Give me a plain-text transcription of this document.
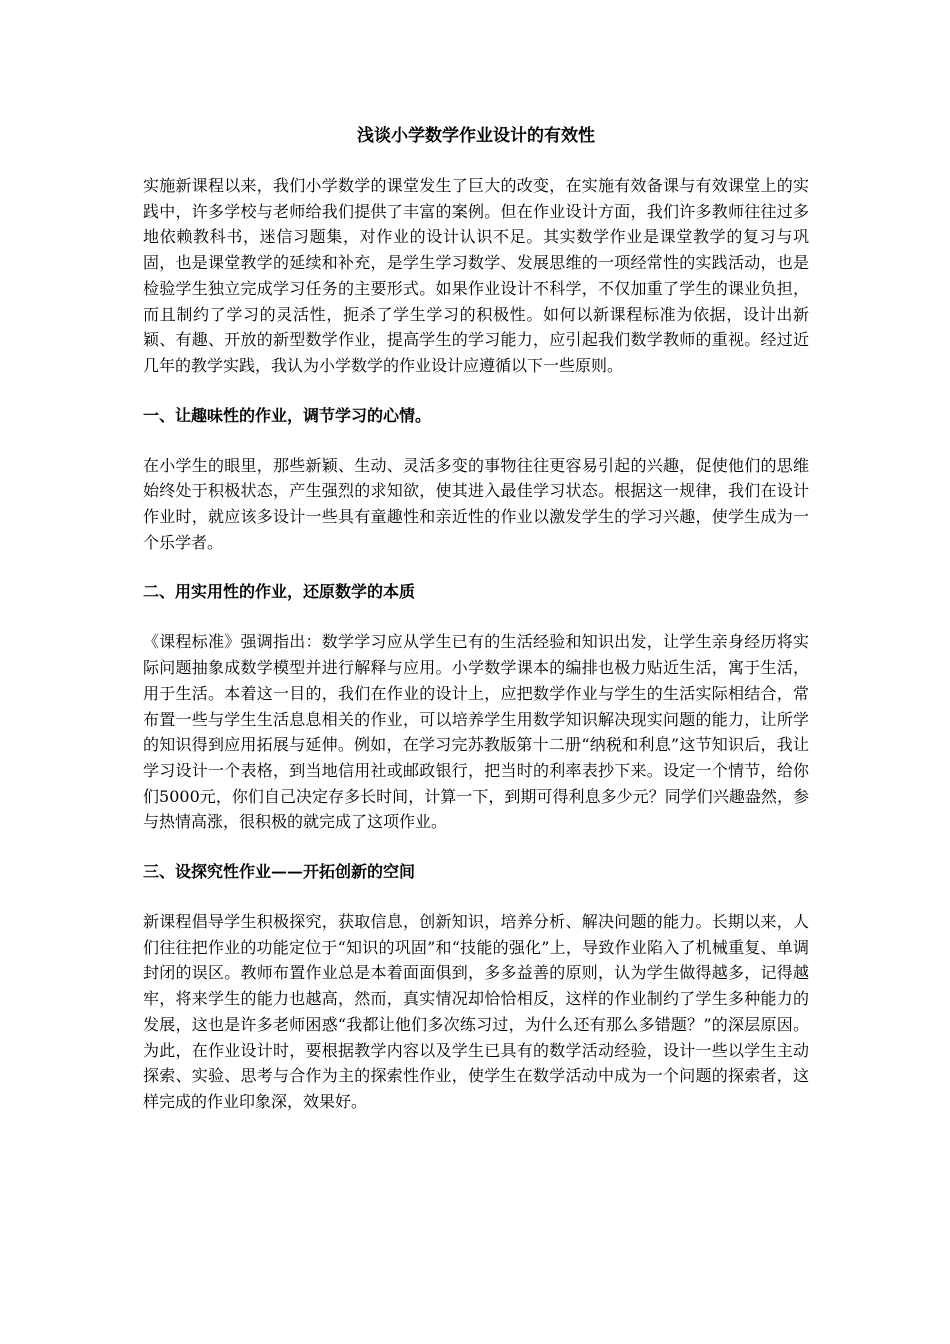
浅谈小学数学作业设计的有效性

实施新课程以来，我们小学数学的课堂发生了巨大的改变，在实施有效备课与有效课堂上的实践中，许多学校与老师给我们提供了丰富的案例。但在作业设计方面，我们许多教师往往过多地依赖教科书，迷信习题集，对作业的设计认识不足。其实数学作业是课堂教学的复习与巩固，也是课堂教学的延续和补充，是学生学习数学、发展思维的一项经常性的实践活动，也是检验学生独立完成学习任务的主要形式。如果作业设计不科学，不仅加重了学生的课业负担，而且制约了学习的灵活性，扼杀了学生学习的积极性。如何以新课程标准为依据，设计出新颖、有趣、开放的新型数学作业，提高学生的学习能力，应引起我们数学教师的重视。经过近几年的教学实践，我认为小学数学的作业设计应遵循以下一些原则。

一、让趣味性的作业，调节学习的心情。

在小学生的眼里，那些新颖、生动、灵活多变的事物往往更容易引起的兴趣，促使他们的思维始终处于积极状态，产生强烈的求知欲，使其进入最佳学习状态。根据这一规律，我们在设计作业时，就应该多设计一些具有童趣性和亲近性的作业以激发学生的学习兴趣，使学生成为一个乐学者。

二、用实用性的作业，还原数学的本质

《课程标准》强调指出：数学学习应从学生已有的生活经验和知识出发，让学生亲身经历将实际问题抽象成数学模型并进行解释与应用。小学数学课本的编排也极力贴近生活，寓于生活，用于生活。本着这一目的，我们在作业的设计上，应把数学作业与学生的生活实际相结合，常布置一些与学生生活息息相关的作业，可以培养学生用数学知识解决现实问题的能力，让所学的知识得到应用拓展与延伸。例如，在学习完苏教版第十二册“纳税和利息”这节知识后，我让学习设计一个表格，到当地信用社或邮政银行，把当时的利率表抄下来。设定一个情节，给你们5000元，你们自己决定存多长时间，计算一下，到期可得利息多少元？同学们兴趣盎然，参与热情高涨，很积极的就完成了这项作业。

三、设探究性作业——开拓创新的空间

新课程倡导学生积极探究，获取信息，创新知识，培养分析、解决问题的能力。长期以来，人们往往把作业的功能定位于“知识的巩固”和“技能的强化”上，导致作业陷入了机械重复、单调封闭的误区。教师布置作业总是本着面面俱到，多多益善的原则，认为学生做得越多，记得越牢，将来学生的能力也越高，然而，真实情况却恰恰相反，这样的作业制约了学生多种能力的发展，这也是许多老师困惑“我都让他们多次练习过，为什么还有那么多错题？”的深层原因。为此，在作业设计时，要根据教学内容以及学生已具有的数学活动经验，设计一些以学生主动探索、实验、思考与合作为主的探索性作业，使学生在数学活动中成为一个问题的探索者，这样完成的作业印象深，效果好。
